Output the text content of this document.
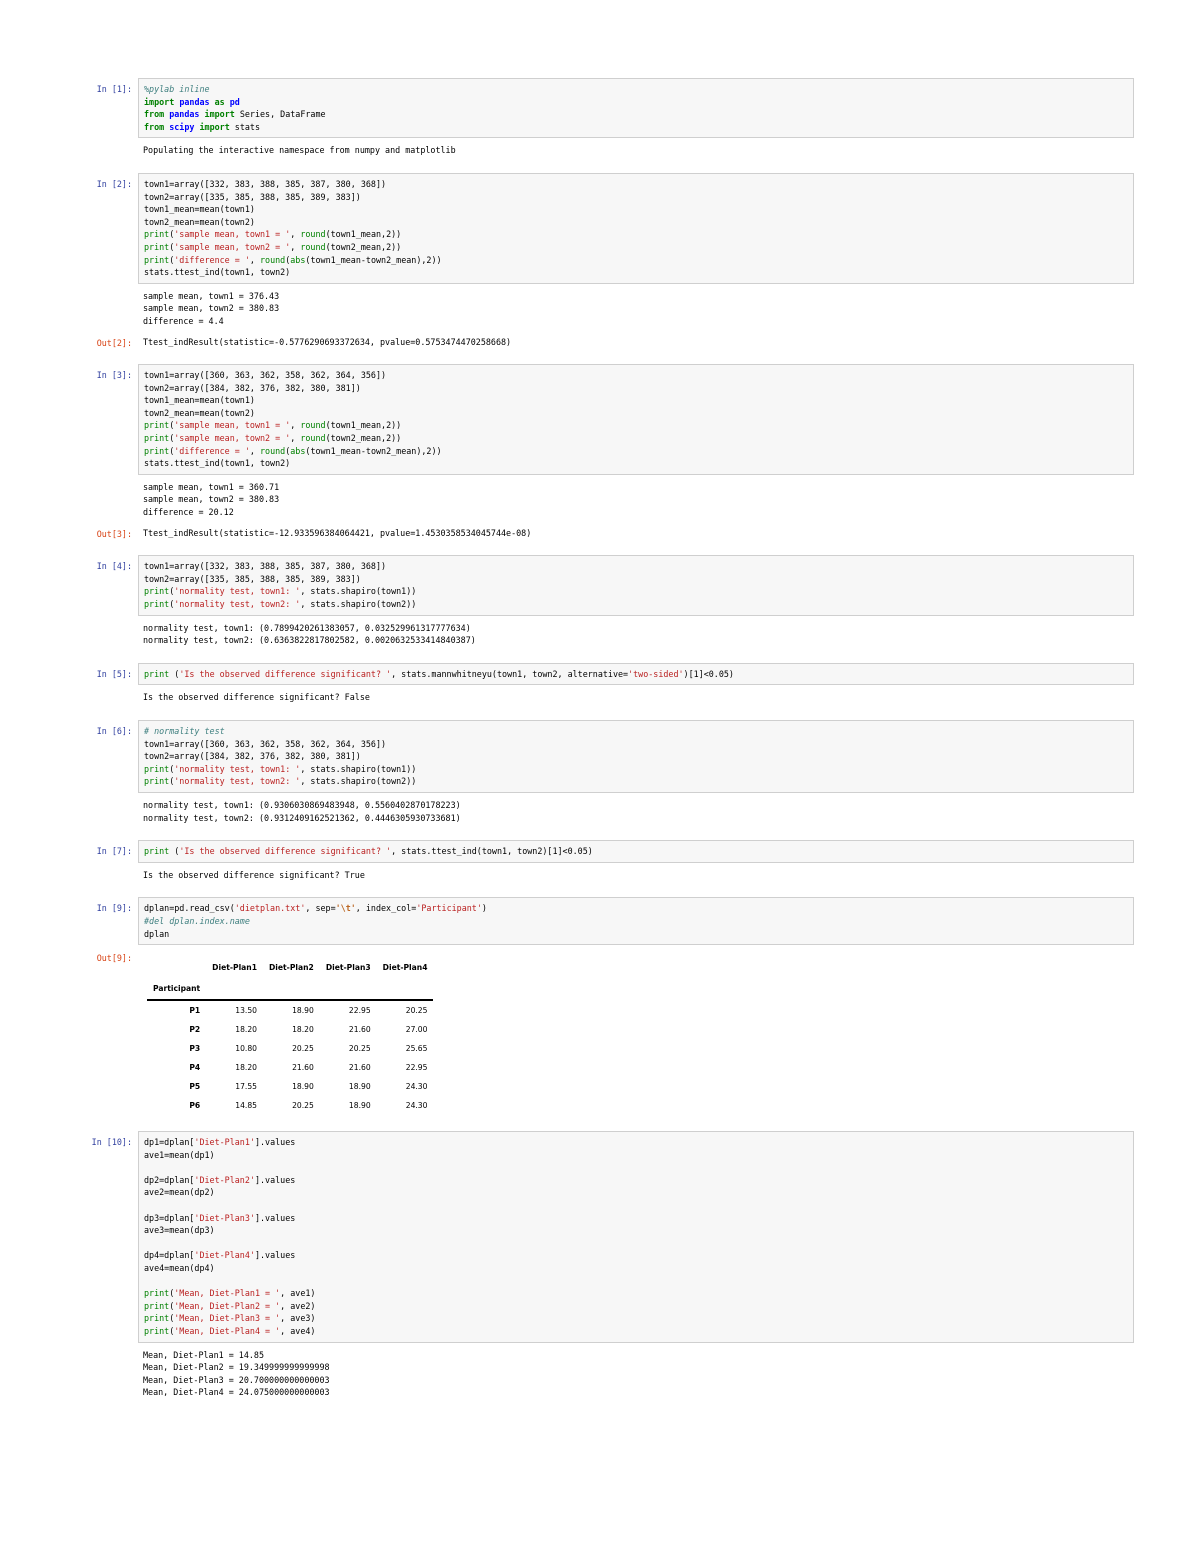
In [1]:	%pylab inline
import pandas as pd
from pandas import Series, DataFrame
from scipy import stats
Populating the interactive namespace from numpy and matplotlib
In [2]:	town1=array([332, 383, 388, 385, 387, 380, 368])
town2=array([335, 385, 388, 385, 389, 383])
town1_mean=mean(town1)
town2_mean=mean(town2)
print('sample mean, town1 = ', round(town1_mean,2))
print('sample mean, town2 = ', round(town2_mean,2))
print('difference = ', round(abs(town1_mean-town2_mean),2))
stats.ttest_ind(town1, town2)
sample mean, town1 = 376.43
sample mean, town2 = 380.83
difference = 4.4
Out[2]:	Ttest_indResult(statistic=-0.5776290693372634, pvalue=0.5753474470258668)
In [3]:	town1=array([360, 363, 362, 358, 362, 364, 356])
town2=array([384, 382, 376, 382, 380, 381])
town1_mean=mean(town1)
town2_mean=mean(town2)
print('sample mean, town1 = ', round(town1_mean,2))
print('sample mean, town2 = ', round(town2_mean,2))
print('difference = ', round(abs(town1_mean-town2_mean),2))
stats.ttest_ind(town1, town2)
sample mean, town1 = 360.71
sample mean, town2 = 380.83
difference = 20.12
Out[3]:	Ttest_indResult(statistic=-12.933596384064421, pvalue=1.4530358534045744e-08)
In [4]:	town1=array([332, 383, 388, 385, 387, 380, 368])
town2=array([335, 385, 388, 385, 389, 383])
print('normality test, town1: ', stats.shapiro(town1))
print('normality test, town2: ', stats.shapiro(town2))
normality test, town1: (0.7899420261383057, 0.032529961317777634)
normality test, town2: (0.6363822817802582, 0.0020632533414840387)
In [5]:	print ('Is the observed difference significant? ', stats.mannwhitneyu(town1, town2, alternative='two-sided')[1]<0.05)
Is the observed difference significant? False
In [6]:	# normality test
town1=array([360, 363, 362, 358, 362, 364, 356])
town2=array([384, 382, 376, 382, 380, 381])
print('normality test, town1: ', stats.shapiro(town1))
print('normality test, town2: ', stats.shapiro(town2))
normality test, town1: (0.9306030869483948, 0.5560402870178223)
normality test, town2: (0.9312409162521362, 0.4446305930733681)
In [7]:	print ('Is the observed difference significant? ', stats.ttest_ind(town1, town2)[1]<0.05)
Is the observed difference significant? True
In [9]:	dplan=pd.read_csv('dietplan.txt', sep='\t', index_col='Participant')
#del dplan.index.name
dplan
Out[9]:
	Diet-Plan1	Diet-Plan2	Diet-Plan3	Diet-Plan4
Participant				
P1	13.50	18.90	22.95	20.25
P2	18.20	18.20	21.60	27.00
P3	10.80	20.25	20.25	25.65
P4	18.20	21.60	21.60	22.95
P5	17.55	18.90	18.90	24.30
P6	14.85	20.25	18.90	24.30
In [10]:	dp1=dplan['Diet-Plan1'].values
ave1=mean(dp1)

dp2=dplan['Diet-Plan2'].values
ave2=mean(dp2)

dp3=dplan['Diet-Plan3'].values
ave3=mean(dp3)

dp4=dplan['Diet-Plan4'].values
ave4=mean(dp4)

print('Mean, Diet-Plan1 = ', ave1)
print('Mean, Diet-Plan2 = ', ave2)
print('Mean, Diet-Plan3 = ', ave3)
print('Mean, Diet-Plan4 = ', ave4)
Mean, Diet-Plan1 = 14.85
Mean, Diet-Plan2 = 19.349999999999998
Mean, Diet-Plan3 = 20.700000000000003
Mean, Diet-Plan4 = 24.075000000000003
